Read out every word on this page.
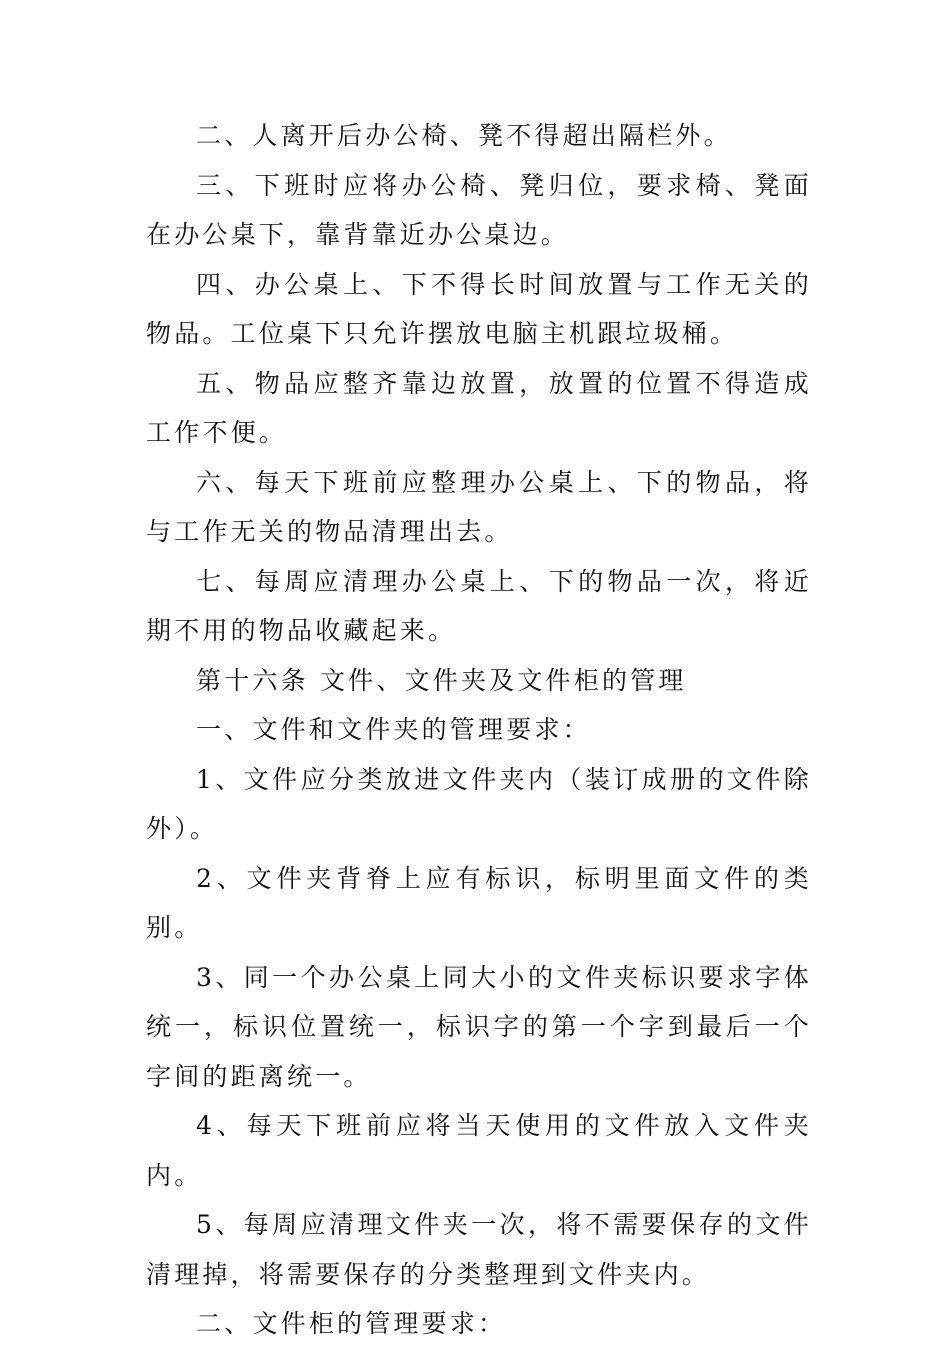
二、人离开后办公椅、凳不得超出隔栏外。

三、下班时应将办公椅、凳归位，要求椅、凳面在办公桌下，靠背靠近办公桌边。

四、办公桌上、下不得长时间放置与工作无关的物品。工位桌下只允许摆放电脑主机跟垃圾桶。

五、物品应整齐靠边放置，放置的位置不得造成工作不便。

六、每天下班前应整理办公桌上、下的物品，将与工作无关的物品清理出去。

七、每周应清理办公桌上、下的物品一次，将近期不用的物品收藏起来。

第十六条 文件、文件夹及文件柜的管理

一、文件和文件夹的管理要求：

1、文件应分类放进文件夹内（装订成册的文件除外）。

2、文件夹背脊上应有标识，标明里面文件的类别。

3、同一个办公桌上同大小的文件夹标识要求字体统一，标识位置统一，标识字的第一个字到最后一个字间的距离统一。

4、每天下班前应将当天使用的文件放入文件夹内。

5、每周应清理文件夹一次，将不需要保存的文件清理掉，将需要保存的分类整理到文件夹内。

二、文件柜的管理要求：
